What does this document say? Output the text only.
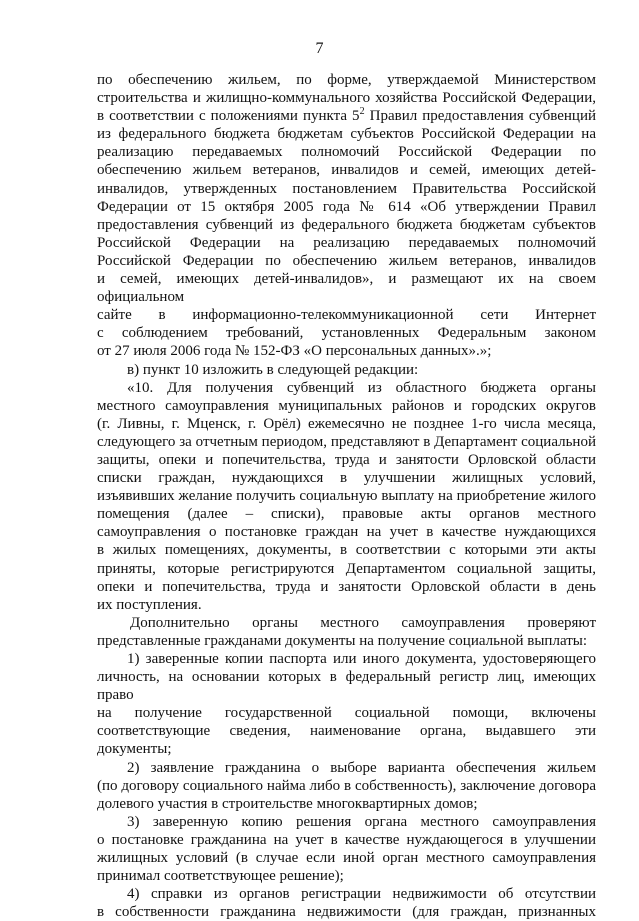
7

по обеспечению жильем, по форме, утверждаемой Министерством
строительства и жилищно-коммунального хозяйства Российской Федерации,
в соответствии с положениями пункта $5^2$ Правил предоставления субвенций
из федерального бюджета бюджетам субъектов Российской Федерации на
реализацию передаваемых полномочий Российской Федерации по
обеспечению жильем ветеранов, инвалидов и семей, имеющих детей-
инвалидов, утвержденных постановлением Правительства Российской
Федерации от 15 октября 2005 года № 614 «Об утверждении Правил
предоставления субвенций из федерального бюджета бюджетам субъектов
Российской Федерации на реализацию передаваемых полномочий
Российской Федерации по обеспечению жильем ветеранов, инвалидов
и семей, имеющих детей-инвалидов», и размещают их на своем официальном
сайте в информационно-телекоммуникационной сети Интернет
с соблюдением требований, установленных Федеральным законом
от 27 июля 2006 года № 152-ФЗ «О персональных данных».»;

в) пункт 10 изложить в следующей редакции:

«10. Для получения субвенций из областного бюджета органы
местного самоуправления муниципальных районов и городских округов
(г. Ливны, г. Мценск, г. Орёл) ежемесячно не позднее 1-го числа месяца,
следующего за отчетным периодом, представляют в Департамент социальной
защиты, опеки и попечительства, труда и занятости Орловской области
списки граждан, нуждающихся в улучшении жилищных условий,
изъявивших желание получить социальную выплату на приобретение жилого
помещения (далее – списки), правовые акты органов местного
самоуправления о постановке граждан на учет в качестве нуждающихся
в жилых помещениях, документы, в соответствии с которыми эти акты
приняты, которые регистрируются Департаментом социальной защиты,
опеки и попечительства, труда и занятости Орловской области в день
их поступления.

Дополнительно органы местного самоуправления проверяют
представленные гражданами документы на получение социальной выплаты:

1) заверенные копии паспорта или иного документа, удостоверяющего
личность, на основании которых в федеральный регистр лиц, имеющих право
на получение государственной социальной помощи, включены
соответствующие сведения, наименование органа, выдавшего эти документы;

2) заявление гражданина о выборе варианта обеспечения жильем
(по договору социального найма либо в собственность), заключение договора
долевого участия в строительстве многоквартирных домов;

3) заверенную копию решения органа местного самоуправления
о постановке гражданина на учет в качестве нуждающегося в улучшении
жилищных условий (в случае если иной орган местного самоуправления
принимал соответствующее решение);

4) справки из органов регистрации недвижимости об отсутствии
в собственности гражданина недвижимости (для граждан, признанных
